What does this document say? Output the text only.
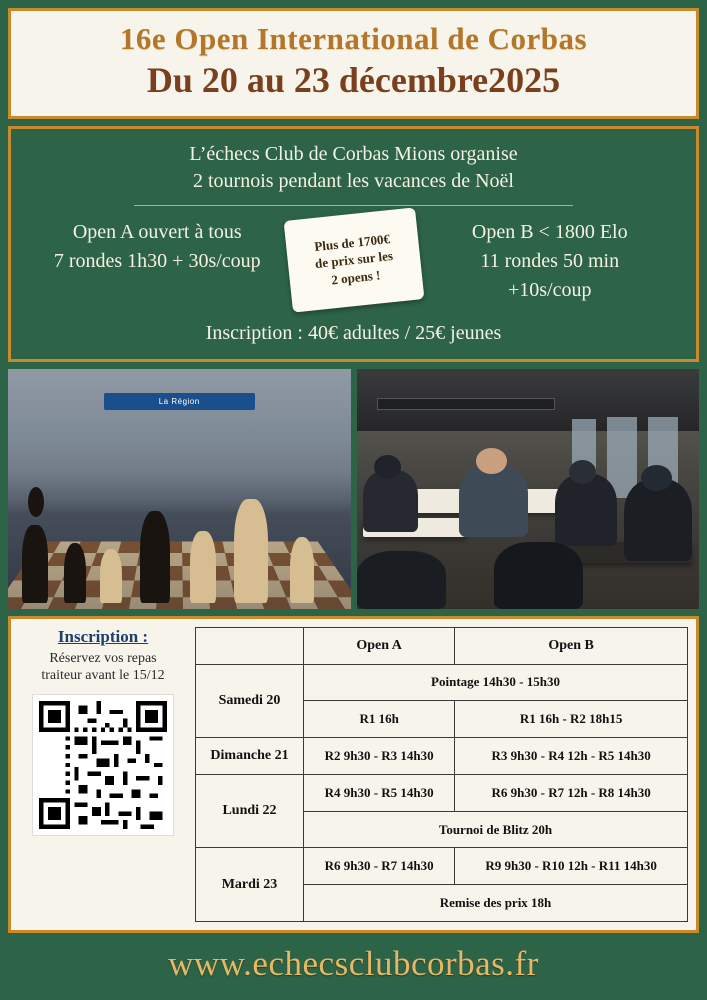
16e Open International de Corbas
Du 20 au 23 décembre2025
L’échecs Club de Corbas Mions organise
2 tournois pendant les vacances de Noël
Open A ouvert à tous
7 rondes 1h30 + 30s/coup
Plus de 1700€
de prix sur les
2 opens !
Open B < 1800 Elo
11 rondes 50 min
+10s/coup
Inscription : 40€ adultes / 25€ jeunes
La Région
Inscription :
Réservez vos repas
traiteur avant le 15/12
	Open A	Open B
Samedi 20	Pointage 14h30 - 15h30	
	R1 16h	R1 16h - R2 18h15
Dimanche 21	R2 9h30 - R3 14h30	R3 9h30 - R4 12h - R5 14h30
Lundi 22	R4 9h30 - R5 14h30	R6 9h30 - R7 12h - R8 14h30
	Tournoi de Blitz 20h	
Mardi 23	R6 9h30 - R7 14h30	R9 9h30 - R10 12h - R11 14h30
	Remise des prix 18h	
www.echecsclubcorbas.fr
